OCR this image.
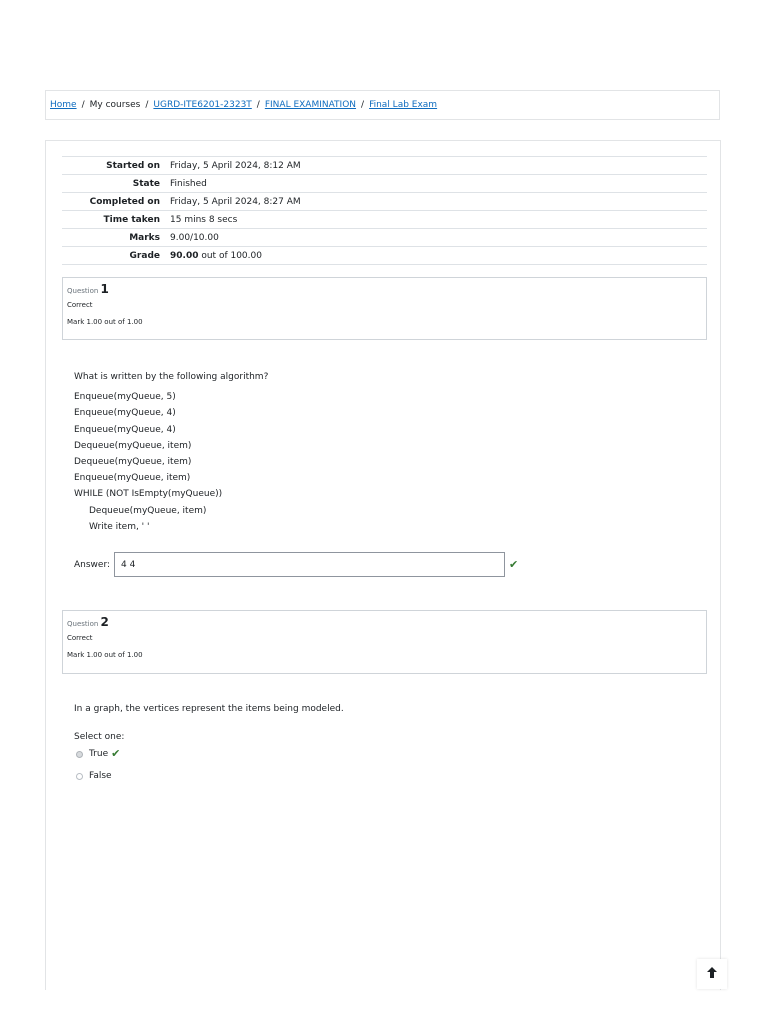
Home / My courses / UGRD-ITE6201-2323T / FINAL EXAMINATION / Final Lab Exam
Started on	Friday, 5 April 2024, 8:12 AM
State	Finished
Completed on	Friday, 5 April 2024, 8:27 AM
Time taken	15 mins 8 secs
Marks	9.00/10.00
Grade	90.00 out of 100.00
Question 1
Correct
Mark 1.00 out of 1.00
What is written by the following algorithm?
Enqueue(myQueue, 5)
Enqueue(myQueue, 4)
Enqueue(myQueue, 4)
Dequeue(myQueue, item)
Dequeue(myQueue, item)
Enqueue(myQueue, item)
WHILE (NOT IsEmpty(myQueue))
Dequeue(myQueue, item)
Write item, ' '
Answer:	4 4	✔
Question 2
Correct
Mark 1.00 out of 1.00
In a graph, the vertices represent the items being modeled.
Select one:
True ✔
False
